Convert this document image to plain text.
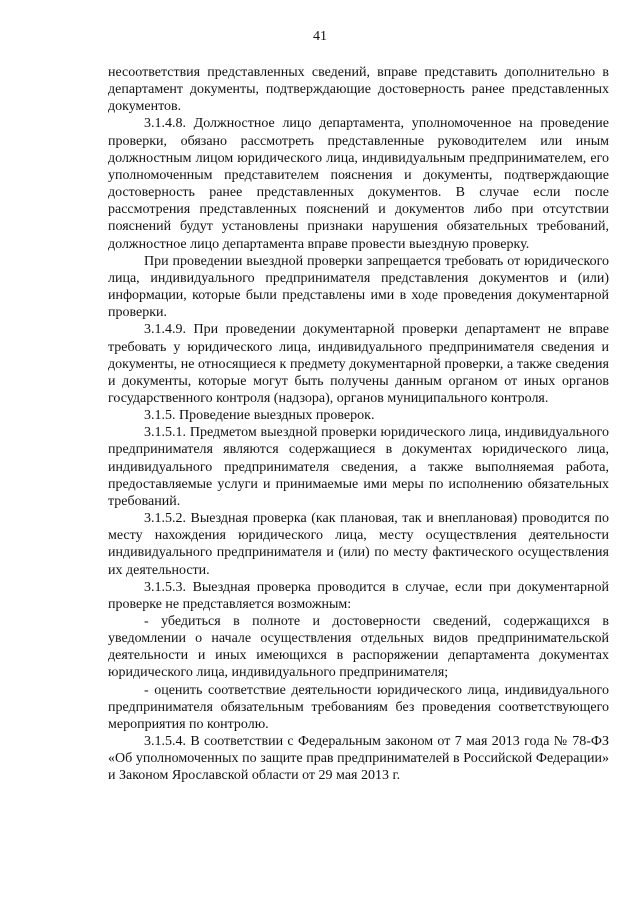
41

несоответствия представленных сведений, вправе представить дополнительно в департамент документы, подтверждающие достоверность ранее представленных документов.

3.1.4.8. Должностное лицо департамента, уполномоченное на проведение проверки, обязано рассмотреть представленные руководителем или иным должностным лицом юридического лица, индивидуальным предпринимателем, его уполномоченным представителем пояснения и документы, подтверждающие достоверность ранее представленных документов. В случае если после рассмотрения представленных пояснений и документов либо при отсутствии пояснений будут установлены признаки нарушения обязательных требований, должностное лицо департамента вправе провести выездную проверку.

При проведении выездной проверки запрещается требовать от юридического лица, индивидуального предпринимателя представления документов и (или) информации, которые были представлены ими в ходе проведения документарной проверки.

3.1.4.9. При проведении документарной проверки департамент не вправе требовать у юридического лица, индивидуального предпринимателя сведения и документы, не относящиеся к предмету документарной проверки, а также сведения и документы, которые могут быть получены данным органом от иных органов государственного контроля (надзора), органов муниципального контроля.

3.1.5. Проведение выездных проверок.

3.1.5.1. Предметом выездной проверки юридического лица, индивидуального предпринимателя являются содержащиеся в документах юридического лица, индивидуального предпринимателя сведения, а также выполняемая работа, предоставляемые услуги и принимаемые ими меры по исполнению обязательных требований.

3.1.5.2. Выездная проверка (как плановая, так и внеплановая) проводится по месту нахождения юридического лица, месту осуществления деятельности индивидуального предпринимателя и (или) по месту фактического осуществления их деятельности.

3.1.5.3. Выездная проверка проводится в случае, если при документарной проверке не представляется возможным:

- убедиться в полноте и достоверности сведений, содержащихся в уведомлении о начале осуществления отдельных видов предпринимательской деятельности и иных имеющихся в распоряжении департамента документах юридического лица, индивидуального предпринимателя;

- оценить соответствие деятельности юридического лица, индивидуального предпринимателя обязательным требованиям без проведения соответствующего мероприятия по контролю.

3.1.5.4. В соответствии с Федеральным законом от 7 мая 2013 года № 78-ФЗ «Об уполномоченных по защите прав предпринимателей в Российской Федерации» и Законом Ярославской области от 29 мая 2013 г.
